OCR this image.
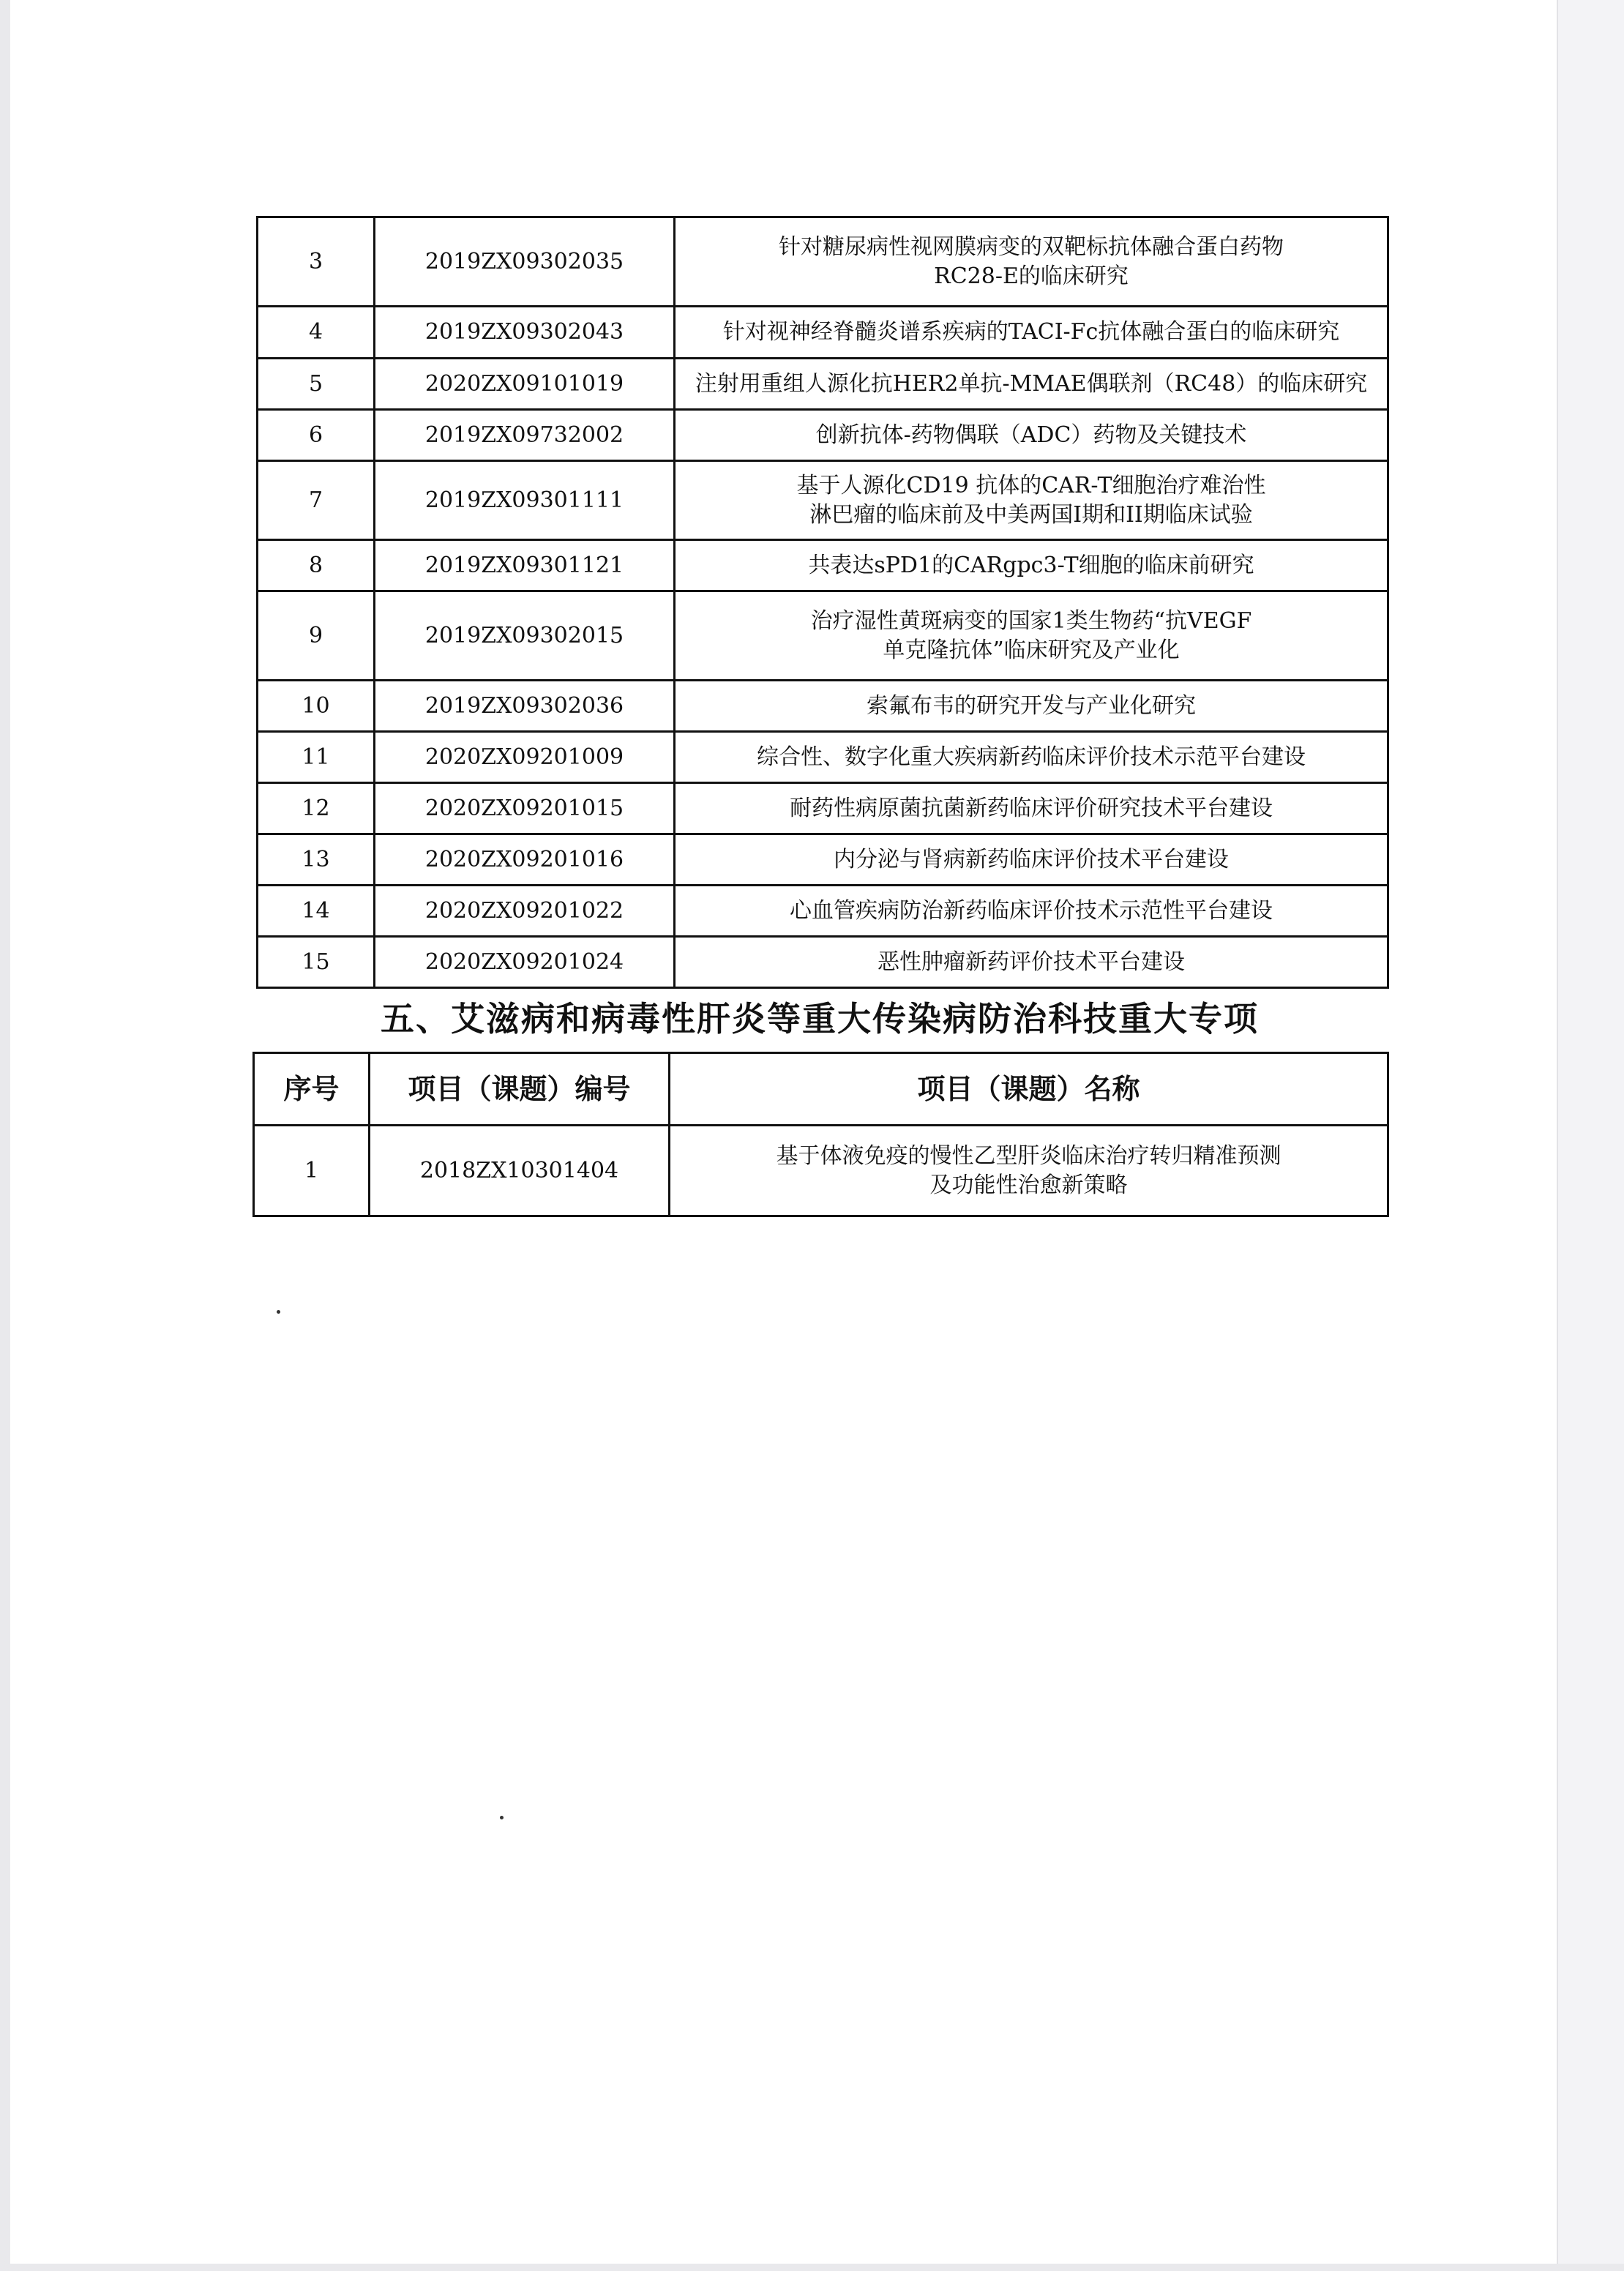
3	2019ZX09302035	针对糖尿病性视网膜病变的双靶标抗体融合蛋白药物
RC28-E的临床研究

4	2019ZX09302043	针对视神经脊髓炎谱系疾病的TACI-Fc抗体融合蛋白的临床研究

5	2020ZX09101019	注射用重组人源化抗HER2单抗-MMAE偶联剂（RC48）的临床研究

6	2019ZX09732002	创新抗体-药物偶联（ADC）药物及关键技术

7	2019ZX09301111	基于人源化CD19 抗体的CAR-T细胞治疗难治性
淋巴瘤的临床前及中美两国I期和II期临床试验

8	2019ZX09301121	共表达sPD1的CARgpc3-T细胞的临床前研究

9	2019ZX09302015	治疗湿性黄斑病变的国家1类生物药“抗VEGF
单克隆抗体”临床研究及产业化

10	2019ZX09302036	索氟布韦的研究开发与产业化研究

11	2020ZX09201009	综合性、数字化重大疾病新药临床评价技术示范平台建设

12	2020ZX09201015	耐药性病原菌抗菌新药临床评价研究技术平台建设

13	2020ZX09201016	内分泌与肾病新药临床评价技术平台建设

14	2020ZX09201022	心血管疾病防治新药临床评价技术示范性平台建设

15	2020ZX09201024	恶性肿瘤新药评价技术平台建设
五、艾滋病和病毒性肝炎等重大传染病防治科技重大专项
序号	项目（课题）编号	项目（课题）名称
1	2018ZX10301404	基于体液免疫的慢性乙型肝炎临床治疗转归精准预测
及功能性治愈新策略
